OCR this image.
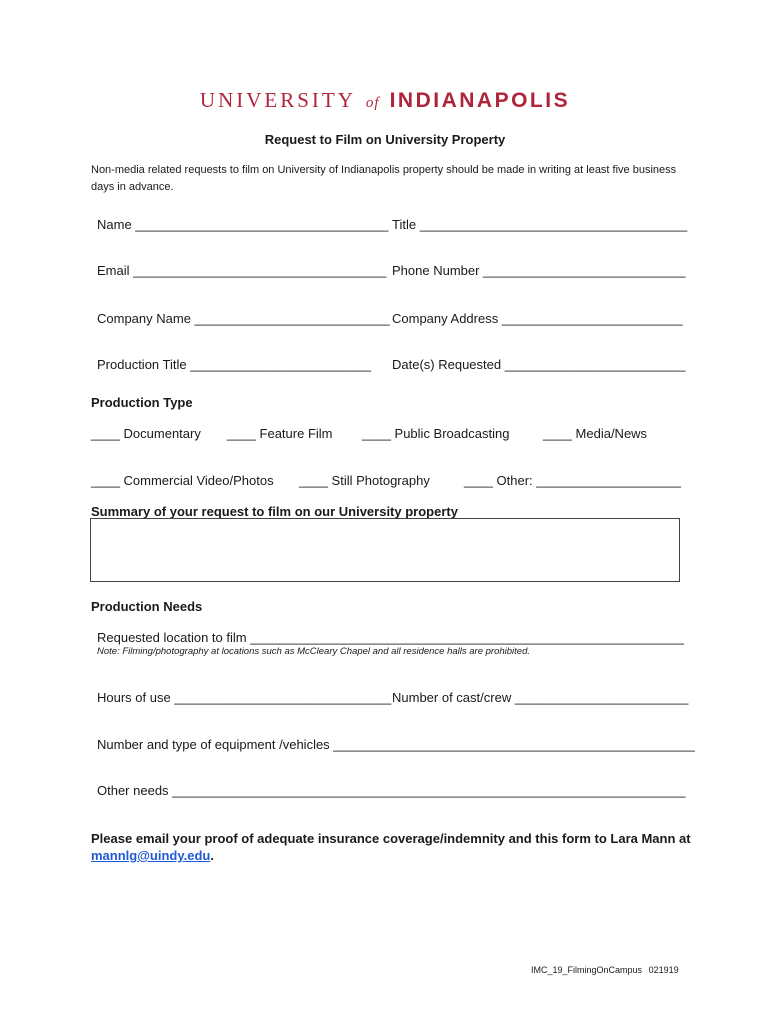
UNIVERSITY of INDIANAPOLIS
Request to Film on University Property
Non-media related requests to film on University of Indianapolis property should be made in writing at least five business days in advance.
Name ___________________________________ Title _____________________________________
Email ___________________________________ Phone Number ____________________________
Company Name ___________________________ Company Address _________________________
Production Title _________________________ Date(s) Requested _________________________
Production Type
____ Documentary ____ Feature Film ____ Public Broadcasting	____ Media/News
____ Commercial Video/Photos ____ Still Photography	____ Other: ____________________
Summary of your request to film on our University property
Production Needs
Requested location to film ____________________________________________________________
Note: Filming/photography at locations such as McCleary Chapel and all residence halls are prohibited.
Hours of use ______________________________ Number of cast/crew ________________________
Number and type of equipment /vehicles __________________________________________________
Other needs _______________________________________________________________________
Please email your proof of adequate insurance coverage/indemnity and this form to Lara Mann at mannlg@uindy.edu.
IMC_19_FilmingOnCampus 021919
